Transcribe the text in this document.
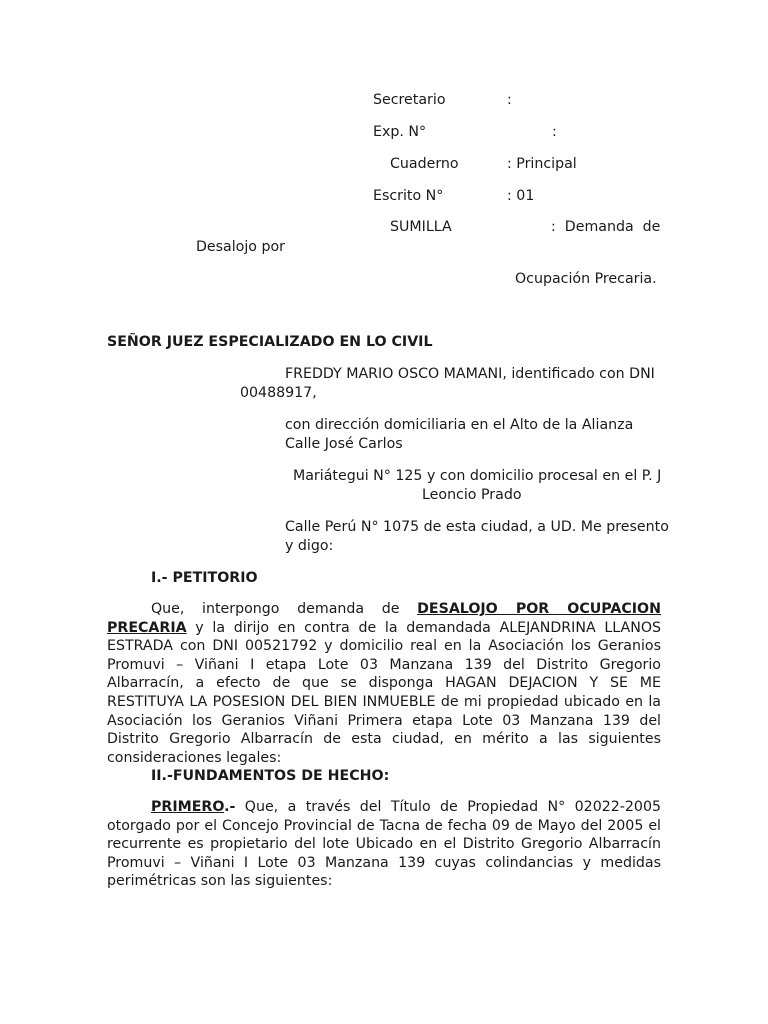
Secretario	:
Exp. N°	:
Cuaderno	: Principal
Escrito N°	: 01
SUMILLA	:  Demanda  de
Desalojo por
Ocupación Precaria.
SEÑOR JUEZ ESPECIALIZADO EN LO CIVIL
FREDDY MARIO OSCO MAMANI, identificado con DNI
00488917,
con dirección domiciliaria en el Alto de la Alianza
Calle José Carlos
Mariátegui N° 125 y con domicilio procesal en el P. J
Leoncio Prado
Calle Perú N° 1075 de esta ciudad, a UD. Me presento
y digo:
I.- PETITORIO
Que, interpongo demanda de DESALOJO POR OCUPACION PRECARIA y la dirijo en contra de la demandada ALEJANDRINA LLANOS ESTRADA con DNI 00521792 y domicilio real en la Asociación los Geranios Promuvi – Viñani I etapa Lote 03 Manzana 139 del Distrito Gregorio Albarracín, a efecto de que se disponga HAGAN DEJACION Y SE ME RESTITUYA LA POSESION DEL BIEN INMUEBLE de mi propiedad ubicado en la Asociación los Geranios Viñani Primera etapa Lote 03 Manzana 139 del Distrito Gregorio Albarracín de esta ciudad, en mérito a las siguientes consideraciones legales:
II.-FUNDAMENTOS DE HECHO:
PRIMERO.- Que, a través del Título de Propiedad N° 02022-2005 otorgado por el Concejo Provincial de Tacna de fecha 09 de Mayo del 2005 el recurrente es propietario del lote Ubicado en el Distrito Gregorio Albarracín Promuvi – Viñani I Lote 03 Manzana 139 cuyas colindancias y medidas perimétricas son las siguientes:
